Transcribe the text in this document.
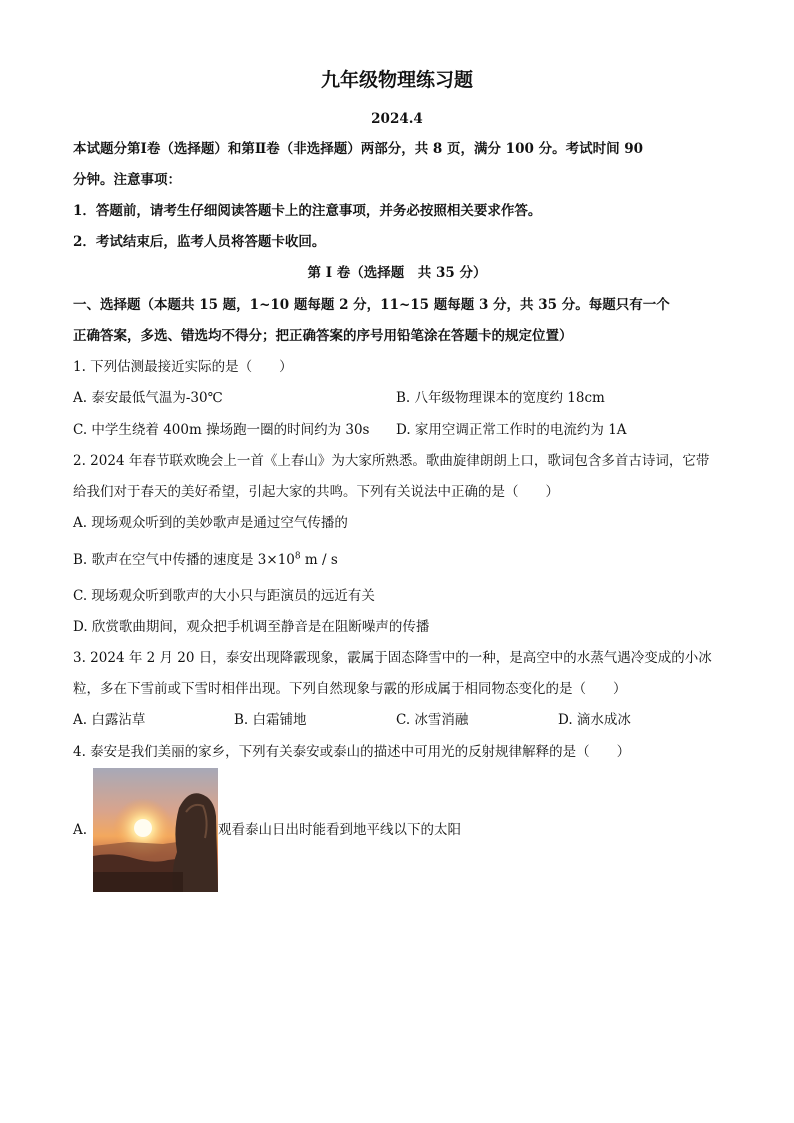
九年级物理练习题
2024.4
本试题分第Ⅰ卷（选择题）和第Ⅱ卷（非选择题）两部分，共 8 页，满分 100 分。考试时间 90
分钟。注意事项：
1．答题前，请考生仔细阅读答题卡上的注意事项，并务必按照相关要求作答。
2．考试结束后，监考人员将答题卡收回。
第 I 卷（选择题　共 35 分）
一、选择题（本题共 15 题，1~10 题每题 2 分，11~15 题每题 3 分，共 35 分。每题只有一个
正确答案，多选、错选均不得分；把正确答案的序号用铅笔涂在答题卡的规定位置）
1. 下列估测最接近实际的是（　　）
A. 泰安最低气温为-30℃	B. 八年级物理课本的宽度约 18cm
C. 中学生绕着 400m 操场跑一圈的时间约为 30s D. 家用空调正常工作时的电流约为 1A
2. 2024 年春节联欢晚会上一首《上春山》为大家所熟悉。歌曲旋律朗朗上口，歌词包含多首古诗词，它带
给我们对于春天的美好希望，引起大家的共鸣。下列有关说法中正确的是（　　）
A. 现场观众听到的美妙歌声是通过空气传播的
B. 歌声在空气中传播的速度是 $3\times 10^8$ m / s
C. 现场观众听到歌声的大小只与距演员的远近有关
D. 欣赏歌曲期间，观众把手机调至静音是在阻断噪声的传播
3. 2024 年 2 月 20 日，泰安出现降霰现象，霰属于固态降雪中的一种，是高空中的水蒸气遇冷变成的小冰
粒，多在下雪前或下雪时相伴出现。下列自然现象与霰的形成属于相同物态变化的是（　　）
A. 白露沾草	B. 白霜铺地	C. 冰雪消融	D. 滴水成冰
4. 泰安是我们美丽的家乡，下列有关泰安或泰山的描述中可用光的反射规律解释的是（　　）
A.	观看泰山日出时能看到地平线以下的太阳
